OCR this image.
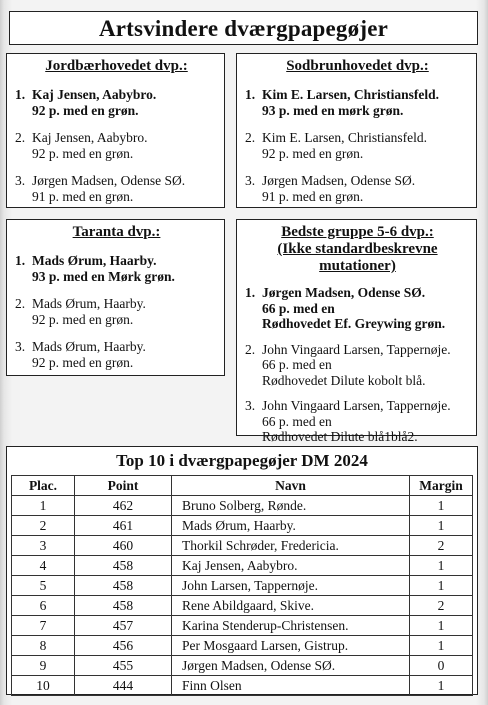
Artsvindere dværgpapegøjer
Jordbærhovedet dvp.:
1. Kaj Jensen, Aabybro.
92 p. med en grøn.
2. Kaj Jensen, Aabybro.
92 p. med en grøn.
3. Jørgen Madsen, Odense SØ.
91 p. med en grøn.
Sodbrunhovedet dvp.:
1. Kim E. Larsen, Christiansfeld.
93 p. med en mørk grøn.
2. Kim E. Larsen, Christiansfeld.
92 p. med en grøn.
3. Jørgen Madsen, Odense SØ.
91 p. med en grøn.
Taranta dvp.:
1. Mads Ørum, Haarby.
93 p. med en Mørk grøn.
2. Mads Ørum, Haarby.
92 p. med en grøn.
3. Mads Ørum, Haarby.
92 p. med en grøn.
Bedste gruppe 5-6 dvp.:
(Ikke standardbeskrevne
mutationer)
1. Jørgen Madsen, Odense SØ.
66 p. med en
Rødhovedet Ef. Greywing grøn.
2. John Vingaard Larsen, Tappernøje.
66 p. med en
Rødhovedet Dilute kobolt blå.
3. John Vingaard Larsen, Tappernøje.
66 p. med en
Rødhovedet Dilute blå1blå2.
Top 10 i dværgpapegøjer DM 2024
Plac.	Point	Navn	Margin
1	462	Bruno Solberg, Rønde.	1
2	461	Mads Ørum, Haarby.	1
3	460	Thorkil Schrøder, Fredericia.	2
4	458	Kaj Jensen, Aabybro.	1
5	458	John Larsen, Tappernøje.	1
6	458	Rene Abildgaard, Skive.	2
7	457	Karina Stenderup-Christensen.	1
8	456	Per Mosgaard Larsen, Gistrup.	1
9	455	Jørgen Madsen, Odense SØ.	0
10	444	Finn Olsen	1
